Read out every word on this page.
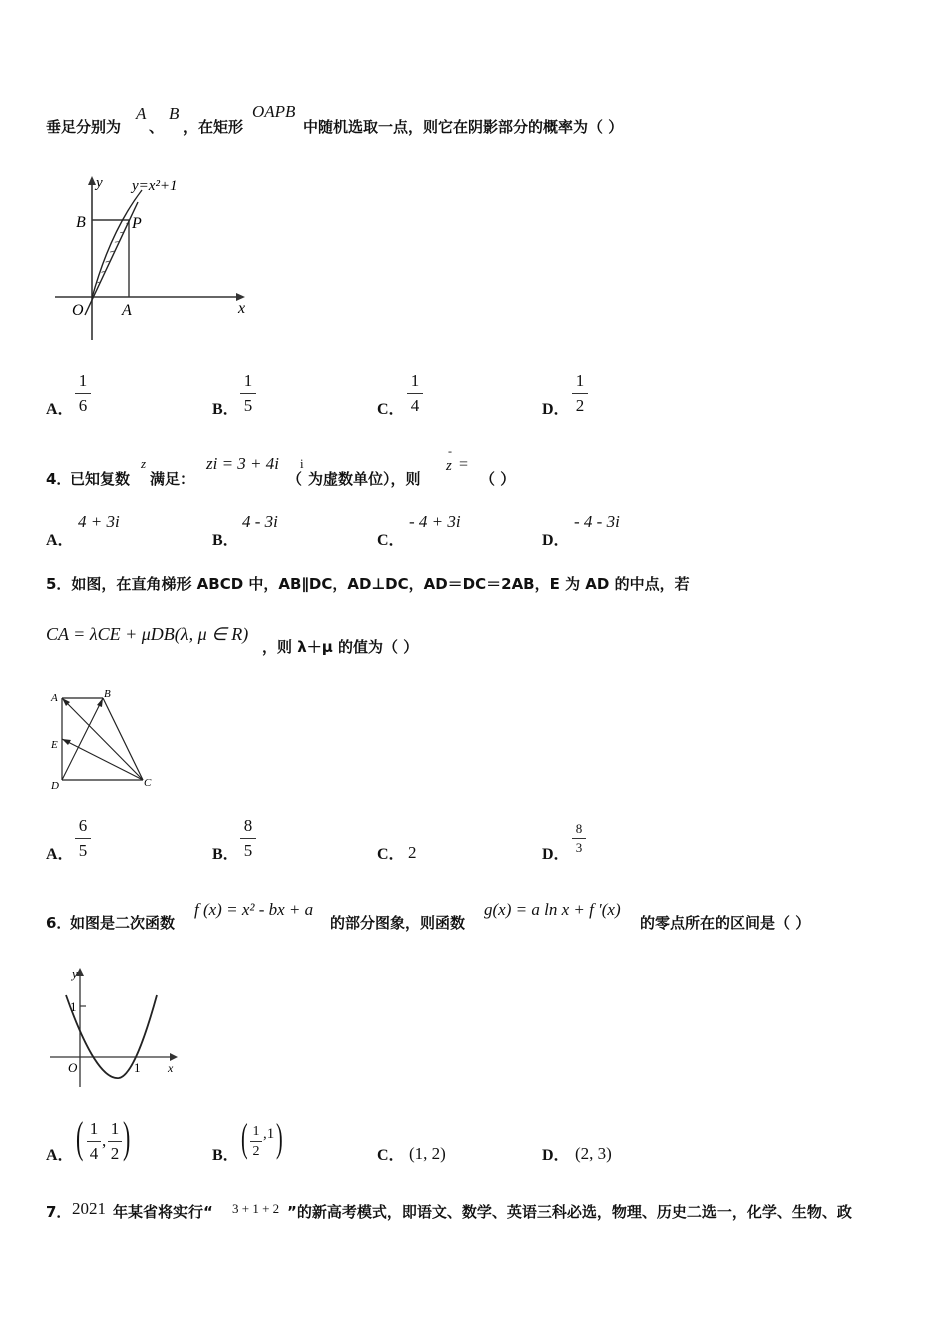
垂足分别为
A
、
B
，在矩形
OAPB
中随机选取一点，则它在阴影部分的概率为（ ）
y y=x²+1
B	P
O A	x
A．
1
6	B．
1
5	C．
1
4	D．
1
2
4．
已知复数
z
满足：
zi = 3 + 4i
（
i
为虚数单位），则
-
z =
（ ）
A．
4 + 3i
B．
4 - 3i
C．
- 4 + 3i
D．
- 4 - 3i
5．如图，在直角梯形 ABCD 中，AB∥DC，AD⊥DC，AD＝DC＝2AB，E 为 AD 的中点，若
CA = λCE + μDB(λ, μ ∈ R)
，则 λ＋μ 的值为（ ）
A	B
E
D	C
A．
6
5	B．
8
5	C． 2	D．
8
3
6．
如图是二次函数
f (x) = x² - bx + a
的部分图象，则函数
g(x) = a ln x + f ′(x)
的零点所在的区间是（ ）
y
1
O	1 x
A． ( 1
4
,
1
2 )	B． ( 1
2
,1 )	C． (1, 2)	D． (2, 3)
7． 2021 年某省将实行“ 3 + 1 + 2 ”的新高考模式，即语文、数学、英语三科必选，物理、历史二选一，化学、生物、政
